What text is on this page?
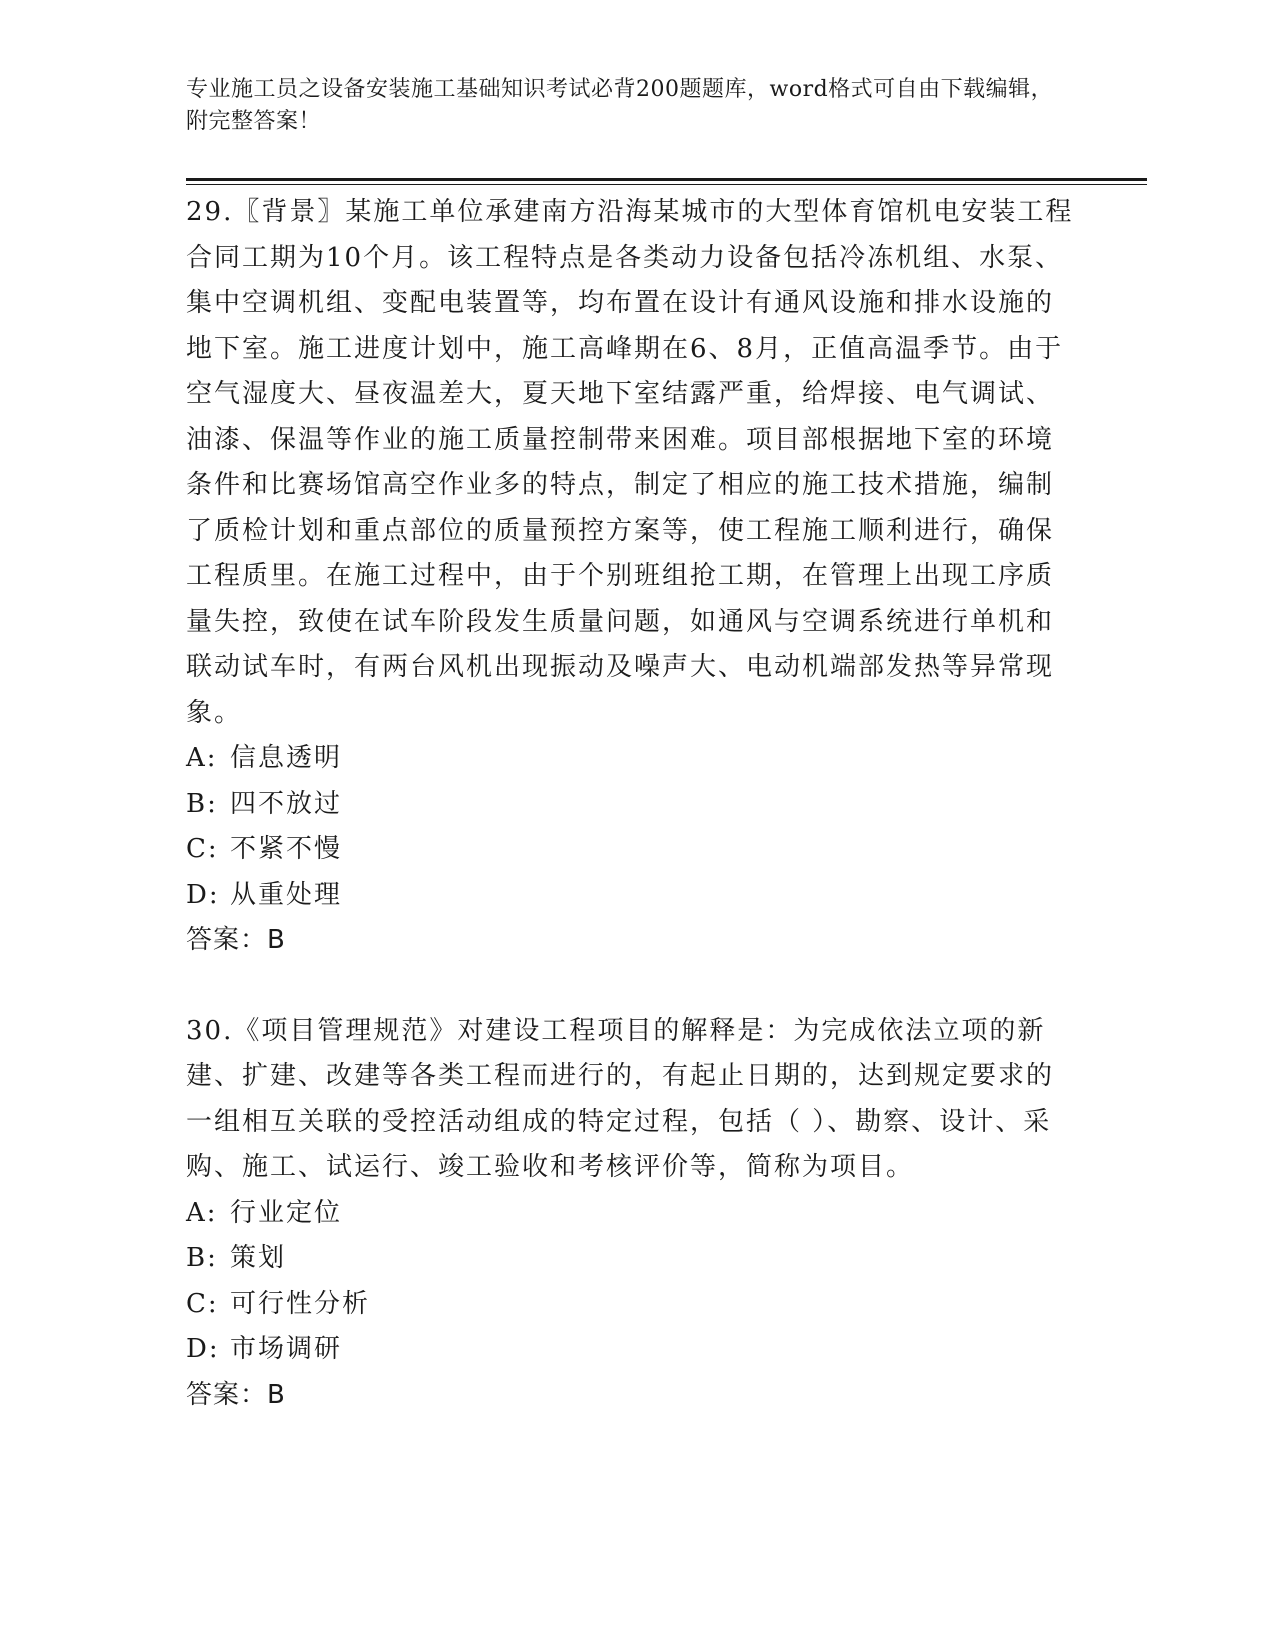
专业施工员之设备安装施工基础知识考试必背200题题库，word格式可自由下载编辑，附完整答案！

29.〖背景〗某施工单位承建南方沿海某城市的大型体育馆机电安装工程合同工期为10个月。该工程特点是各类动力设备包括冷冻机组、水泵、集中空调机组、变配电装置等，均布置在设计有通风设施和排水设施的地下室。施工进度计划中，施工高峰期在6、8月，正值高温季节。由于空气湿度大、昼夜温差大，夏天地下室结露严重，给焊接、电气调试、油漆、保温等作业的施工质量控制带来困难。项目部根据地下室的环境条件和比赛场馆高空作业多的特点，制定了相应的施工技术措施，编制了质检计划和重点部位的质量预控方案等，使工程施工顺利进行，确保工程质里。在施工过程中，由于个别班组抢工期，在管理上出现工序质量失控，致使在试车阶段发生质量问题，如通风与空调系统进行单机和联动试车时，有两台风机出现振动及噪声大、电动机端部发热等异常现象。

A: 信息透明
B: 四不放过
C: 不紧不慢
D: 从重处理
答案：B

30.《项目管理规范》对建设工程项目的解释是：为完成依法立项的新建、扩建、改建等各类工程而进行的，有起止日期的，达到规定要求的一组相互关联的受控活动组成的特定过程，包括（ ）、勘察、设计、采购、施工、试运行、竣工验收和考核评价等，简称为项目。

A: 行业定位
B: 策划
C: 可行性分析
D: 市场调研
答案：B
